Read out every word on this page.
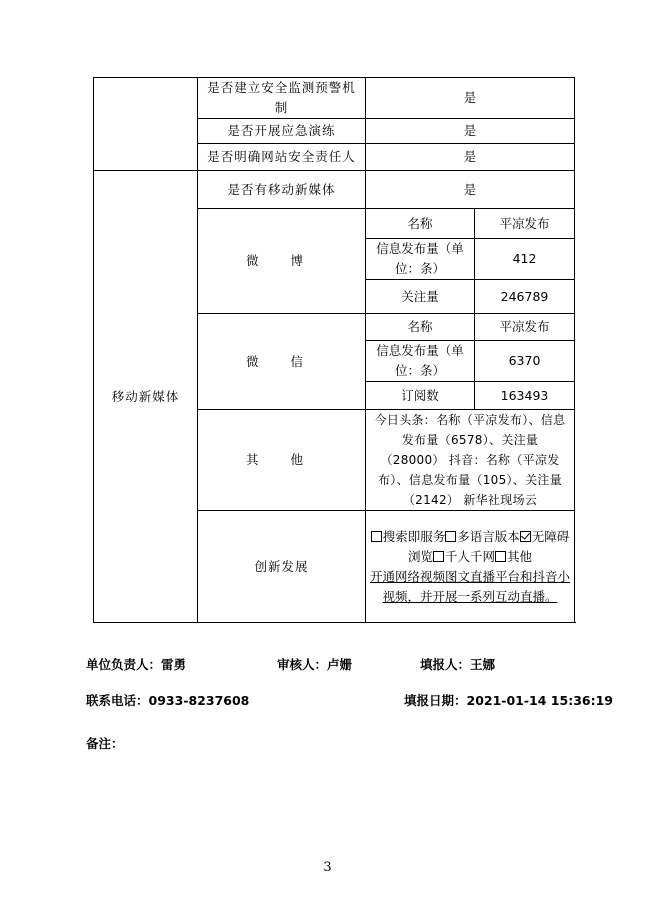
	是否建立安全监测预警机制	是	
	是否开展应急演练	是	
	是否明确网站安全责任人	是	
移动新媒体	是否有移动新媒体	是	
	微 博	名称	平凉发布
		信息发布量（单位：条）	412
		关注量	246789
	微 信	名称	平凉发布
		信息发布量（单位：条）	6370
		订阅数	163493
	其 他	今日头条：名称（平凉发布）、信息发布量（6578）、关注量（28000） 抖音：名称（平凉发布）、信息发布量（105）、关注量（2142） 新华社现场云	
	创新发展	搜索即服务 多语言版本 无障碍浏览 千人千网 其他
开通网络视频图文直播平台和抖音小视频，并开展一系列互动直播。	
单位负责人：雷勇	审核人：卢姗	填报人：王娜
联系电话：0933-8237608	填报日期：2021-01-14 15:36:19
备注：
3
